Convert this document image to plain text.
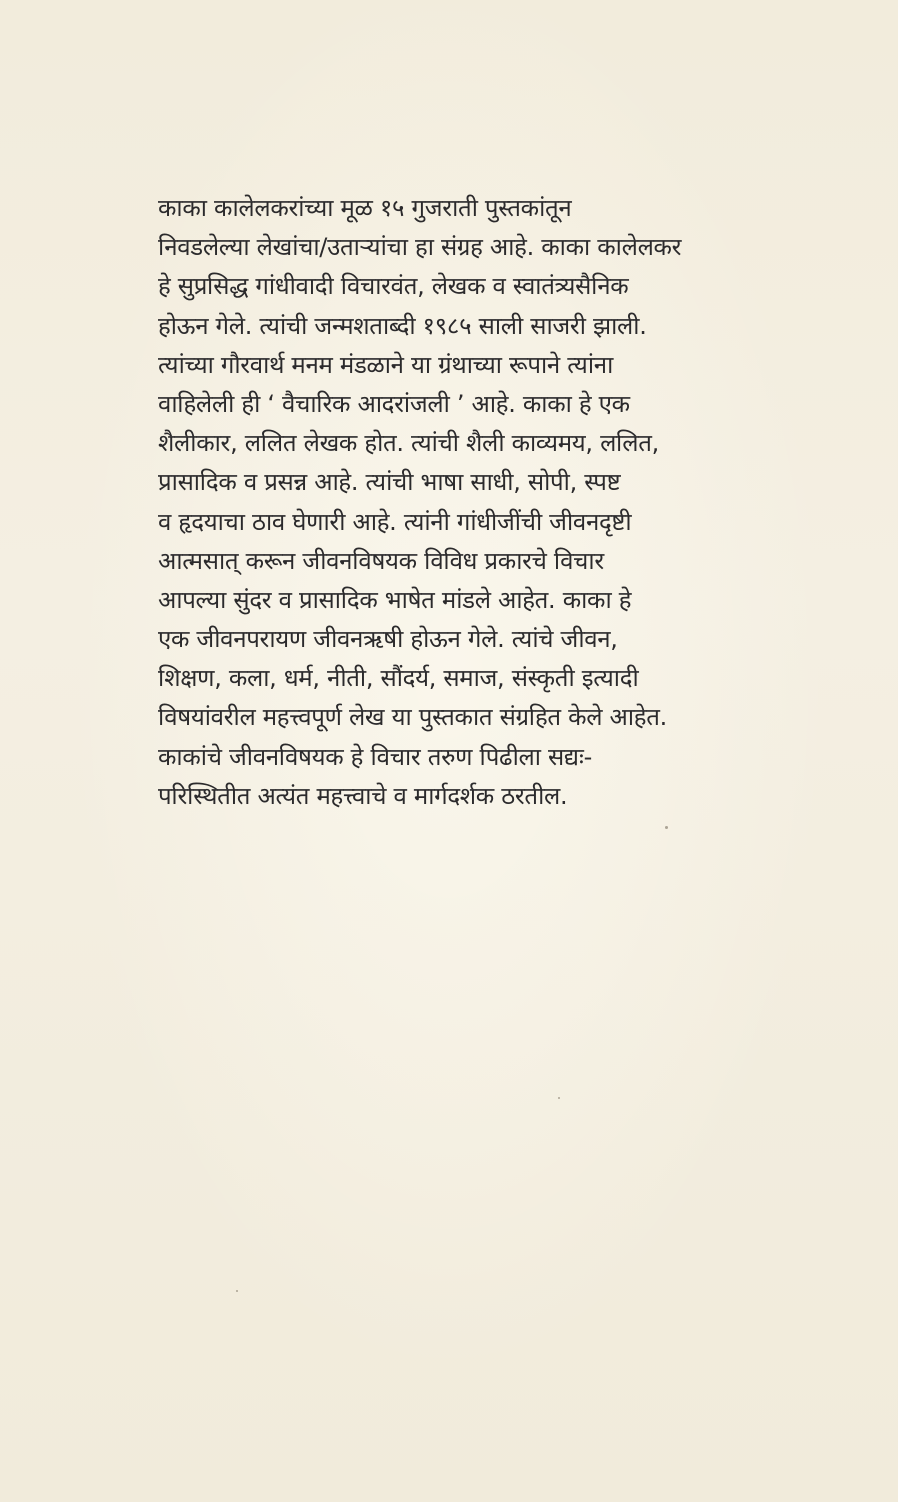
काका कालेलकरांच्या मूळ १५ गुजराती पुस्तकांतून
निवडलेल्या लेखांचा/उताऱ्यांचा हा संग्रह आहे. काका कालेलकर
हे सुप्रसिद्ध गांधीवादी विचारवंत, लेखक व स्वातंत्र्यसैनिक
होऊन गेले. त्यांची जन्मशताब्दी १९८५ साली साजरी झाली.
त्यांच्या गौरवार्थ मनम मंडळाने या ग्रंथाच्या रूपाने त्यांना
वाहिलेली ही ‘ वैचारिक आदरांजली ’ आहे. काका हे एक
शैलीकार, ललित लेखक होत. त्यांची शैली काव्यमय, ललित,
प्रासादिक व प्रसन्न आहे. त्यांची भाषा साधी, सोपी, स्पष्ट
व हृदयाचा ठाव घेणारी आहे. त्यांनी गांधीजींची जीवनदृष्टी
आत्मसात् करून जीवनविषयक विविध प्रकारचे विचार
आपल्या सुंदर व प्रासादिक भाषेत मांडले आहेत. काका हे
एक जीवनपरायण जीवनऋषी होऊन गेले. त्यांचे जीवन,
शिक्षण, कला, धर्म, नीती, सौंदर्य, समाज, संस्कृती इत्यादी
विषयांवरील महत्त्वपूर्ण लेख या पुस्तकात संग्रहित केले आहेत.
काकांचे जीवनविषयक हे विचार तरुण पिढीला सद्यः-
परिस्थितीत अत्यंत महत्त्वाचे व मार्गदर्शक ठरतील.
